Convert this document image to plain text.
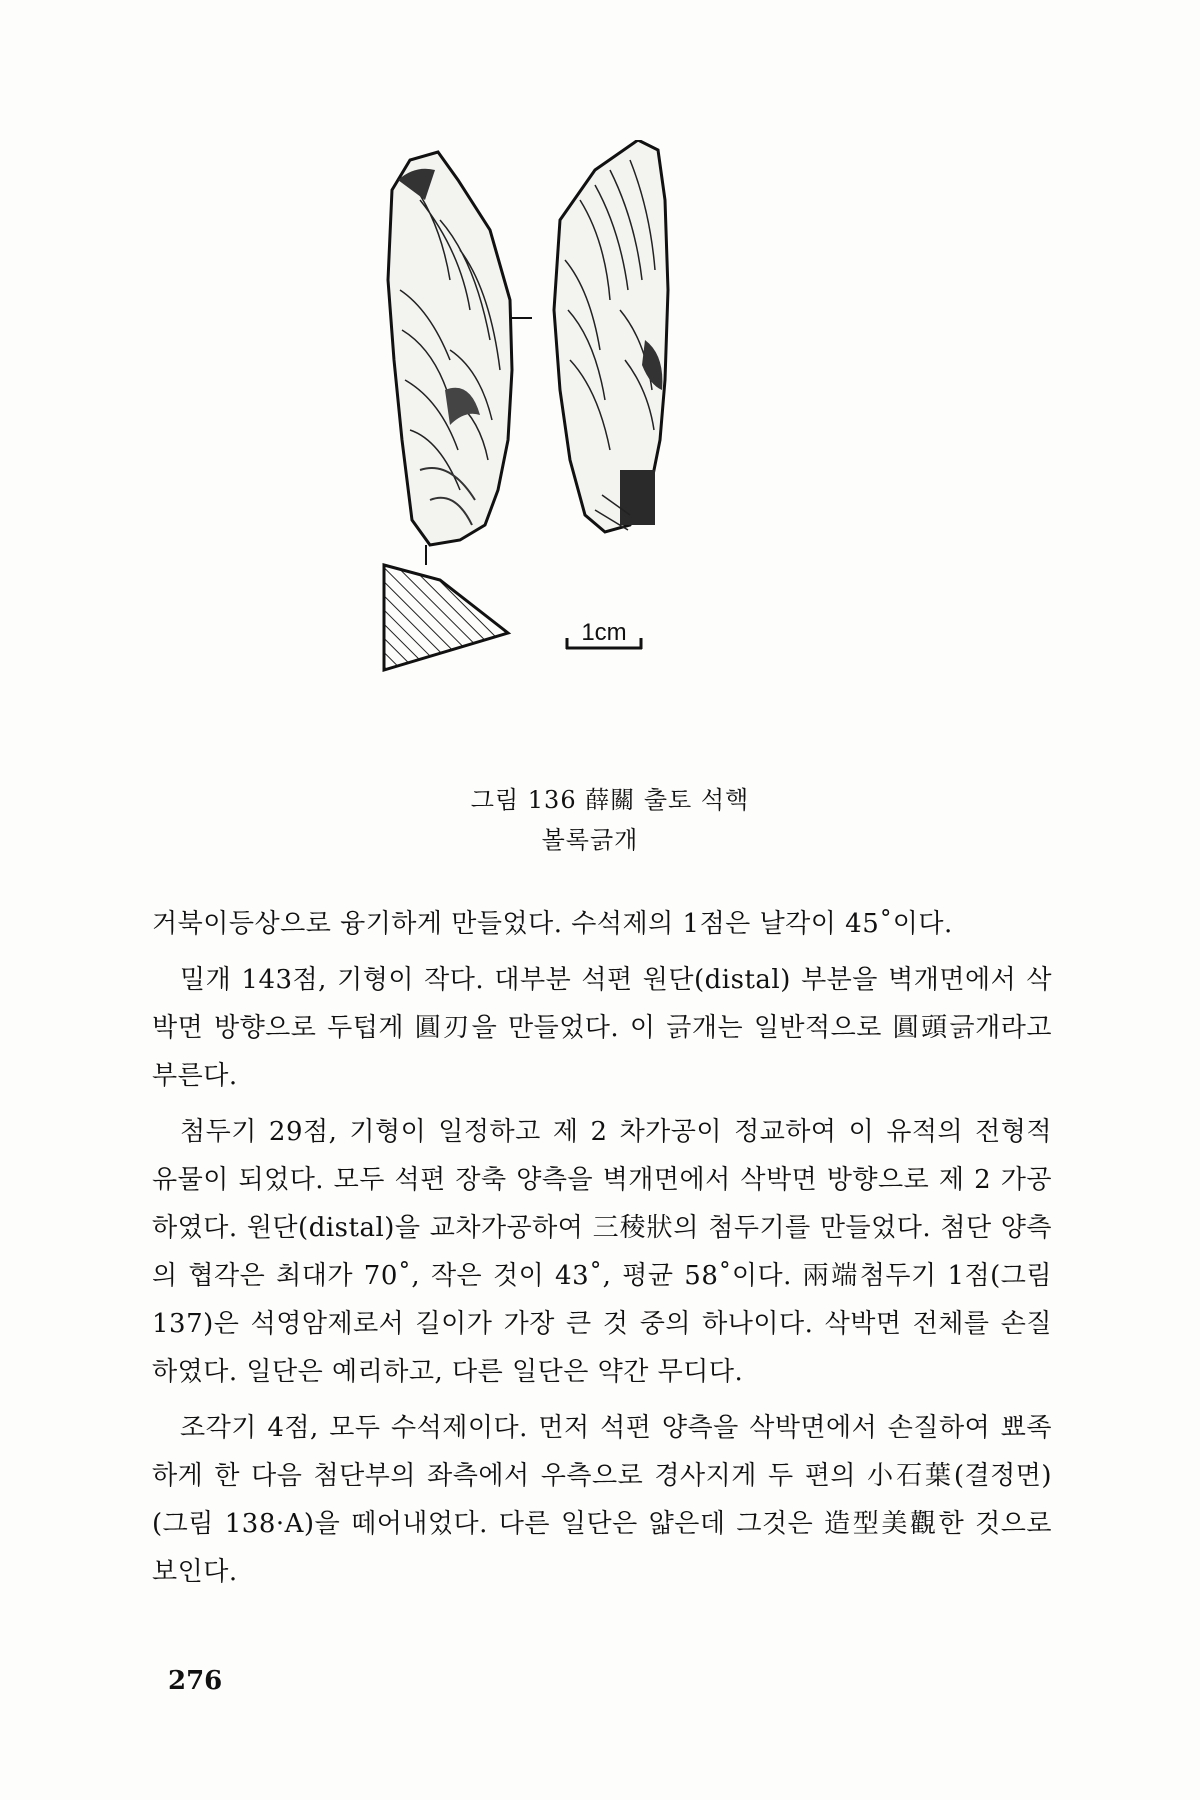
1cm
그림 136 薛關 출토 석핵
볼록긁개

거북이등상으로 융기하게 만들었다. 수석제의 1점은 날각이 45˚이다.

밀개 143점, 기형이 작다. 대부분 석편 원단(distal) 부분을 벽개면에서 삭박면 방향으로 두텁게 圓刃을 만들었다. 이 긁개는 일반적으로 圓頭긁개라고 부른다.

첨두기 29점, 기형이 일정하고 제 2 차가공이 정교하여 이 유적의 전형적 유물이 되었다. 모두 석편 장축 양측을 벽개면에서 삭박면 방향으로 제 2 가공하였다. 원단(distal)을 교차가공하여 三稜狀의 첨두기를 만들었다. 첨단 양측의 협각은 최대가 70˚, 작은 것이 43˚, 평균 58˚이다. 兩端첨두기 1점(그림 137)은 석영암제로서 길이가 가장 큰 것 중의 하나이다. 삭박면 전체를 손질하였다. 일단은 예리하고, 다른 일단은 약간 무디다.

조각기 4점, 모두 수석제이다. 먼저 석편 양측을 삭박면에서 손질하여 뾰족하게 한 다음 첨단부의 좌측에서 우측으로 경사지게 두 편의 小石葉(결정면)(그림 138·A)을 떼어내었다. 다른 일단은 얇은데 그것은 造型美觀한 것으로 보인다.

276
